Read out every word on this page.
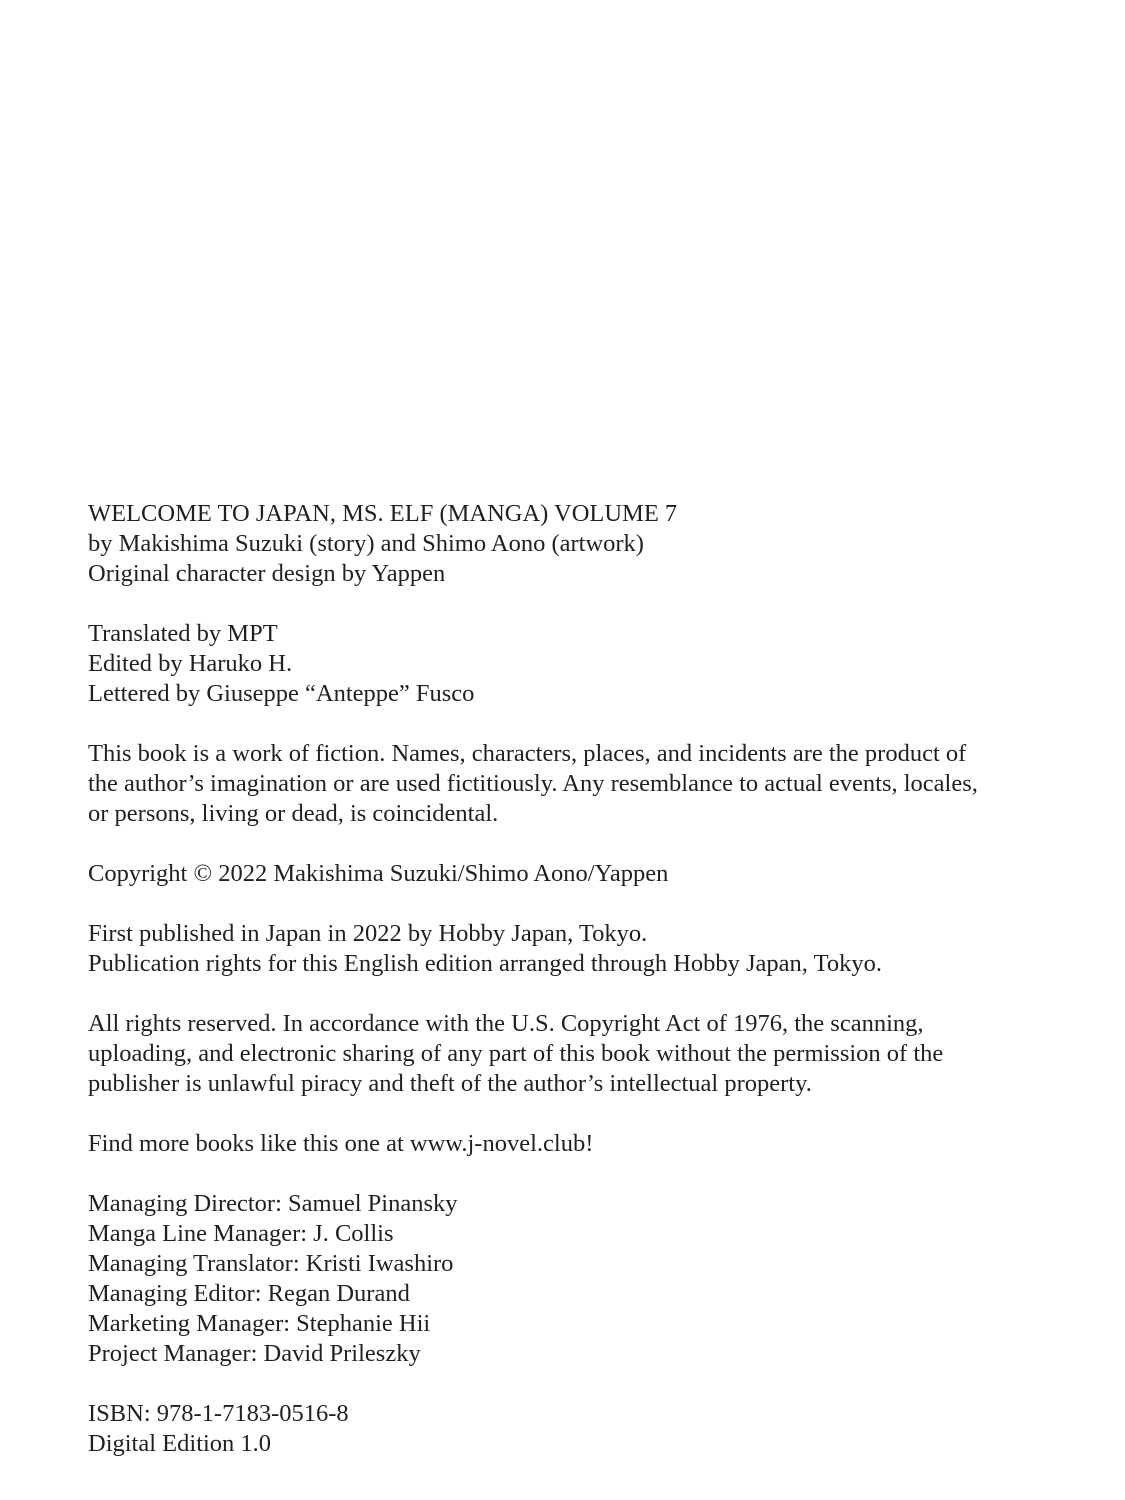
WELCOME TO JAPAN, MS. ELF (MANGA) VOLUME 7
by Makishima Suzuki (story) and Shimo Aono (artwork)
Original character design by Yappen
Translated by MPT
Edited by Haruko H.
Lettered by Giuseppe “Anteppe” Fusco
This book is a work of fiction. Names, characters, places, and incidents are the product of
the author’s imagination or are used fictitiously. Any resemblance to actual events, locales,
or persons, living or dead, is coincidental.
Copyright © 2022 Makishima Suzuki/Shimo Aono/Yappen
First published in Japan in 2022 by Hobby Japan, Tokyo.
Publication rights for this English edition arranged through Hobby Japan, Tokyo.
All rights reserved. In accordance with the U.S. Copyright Act of 1976, the scanning,
uploading, and electronic sharing of any part of this book without the permission of the
publisher is unlawful piracy and theft of the author’s intellectual property.
Find more books like this one at www.j-novel.club!
Managing Director: Samuel Pinansky
Manga Line Manager: J. Collis
Managing Translator: Kristi Iwashiro
Managing Editor: Regan Durand
Marketing Manager: Stephanie Hii
Project Manager: David Prileszky
ISBN: 978-1-7183-0516-8
Digital Edition 1.0
